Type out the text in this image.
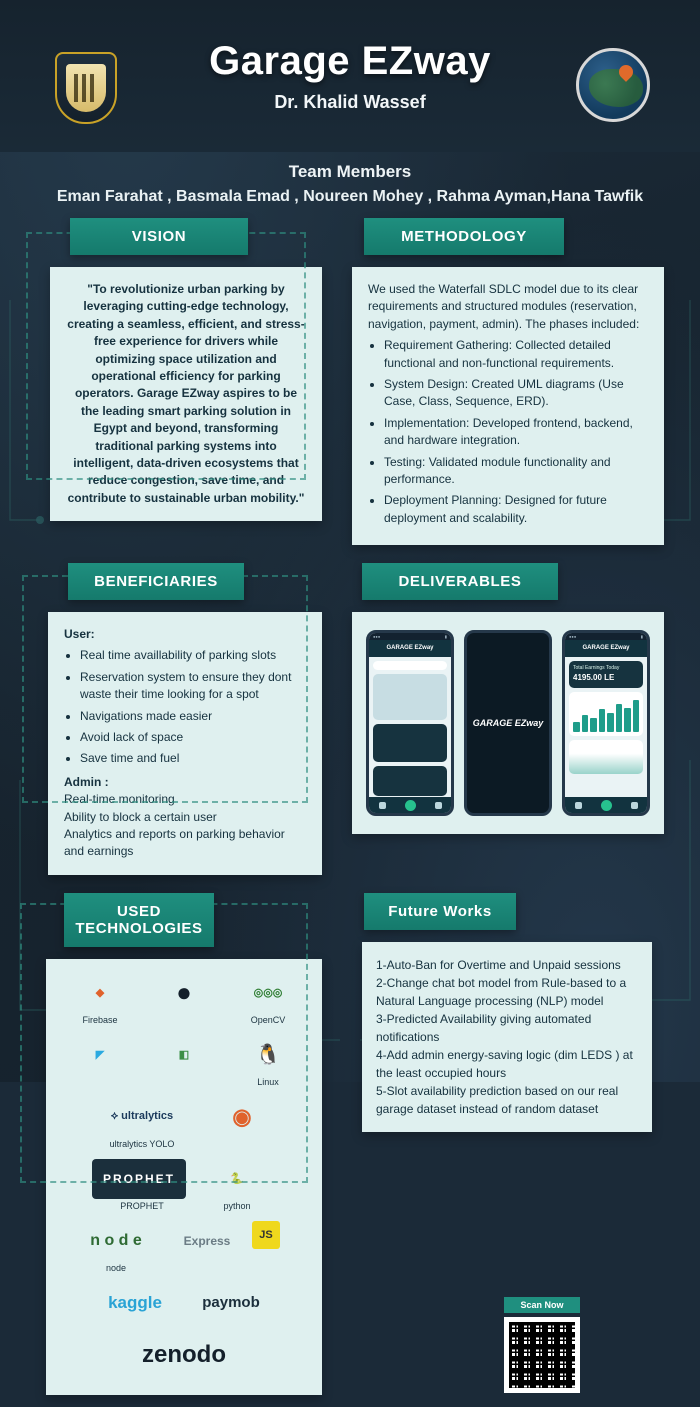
Garage EZway
Dr. Khalid Wassef
Team Members
Eman Farahat , Basmala Emad , Noureen Mohey , Rahma Ayman,Hana Tawfik
VISION
"To revolutionize urban parking by leveraging cutting-edge technology, creating a seamless, efficient, and stress-free experience for drivers while optimizing space utilization and operational efficiency for parking operators. Garage EZway aspires to be the leading smart parking solution in Egypt and beyond, transforming traditional parking systems into intelligent, data-driven ecosystems that reduce congestion, save time, and contribute to sustainable urban mobility."
METHODOLOGY
We used the Waterfall SDLC model due to its clear requirements and structured modules (reservation, navigation, payment, admin). The phases included:
• Requirement Gathering: Collected detailed functional and non-functional requirements.
• System Design: Created UML diagrams (Use Case, Class, Sequence, ERD).
• Implementation: Developed frontend, backend, and hardware integration.
• Testing: Validated module functionality and performance.
• Deployment Planning: Designed for future deployment and scalability.
BENEFICIARIES
User:
• Real time availlability of parking slots
• Reservation system to ensure they dont waste their time looking for a spot
• Navigations made easier
• Avoid lack of space
• Save time and fuel
Admin :
Real-time monitoring
Ability to block a certain user
Analytics and reports on parking behavior and earnings
DELIVERABLES
●●●	▮
GARAGE EZway
GARAGE EZway
●●●	▮
GARAGE EZway
Total Earnings Today
4195.00 LE
USED TECHNOLOGIES
◆
Firebase
●	◎◎◎
OpenCV
◤	◧	🐧
Linux
⟡ ultralytics
ultralytics YOLO
◉
PROPHET
PROPHET
🐍
python
n o d e
node
Express	JS
kaggle	paymob
zenodo
Future Works
1-Auto-Ban for Overtime and Unpaid sessions
2-Change chat bot model from Rule-based to a Natural Language processing (NLP) model
3-Predicted Availability giving automated notifications
4-Add admin energy-saving logic (dim LEDS ) at the least occupied hours
5-Slot availability prediction based on our real garage dataset instead of random dataset
Scan Now
